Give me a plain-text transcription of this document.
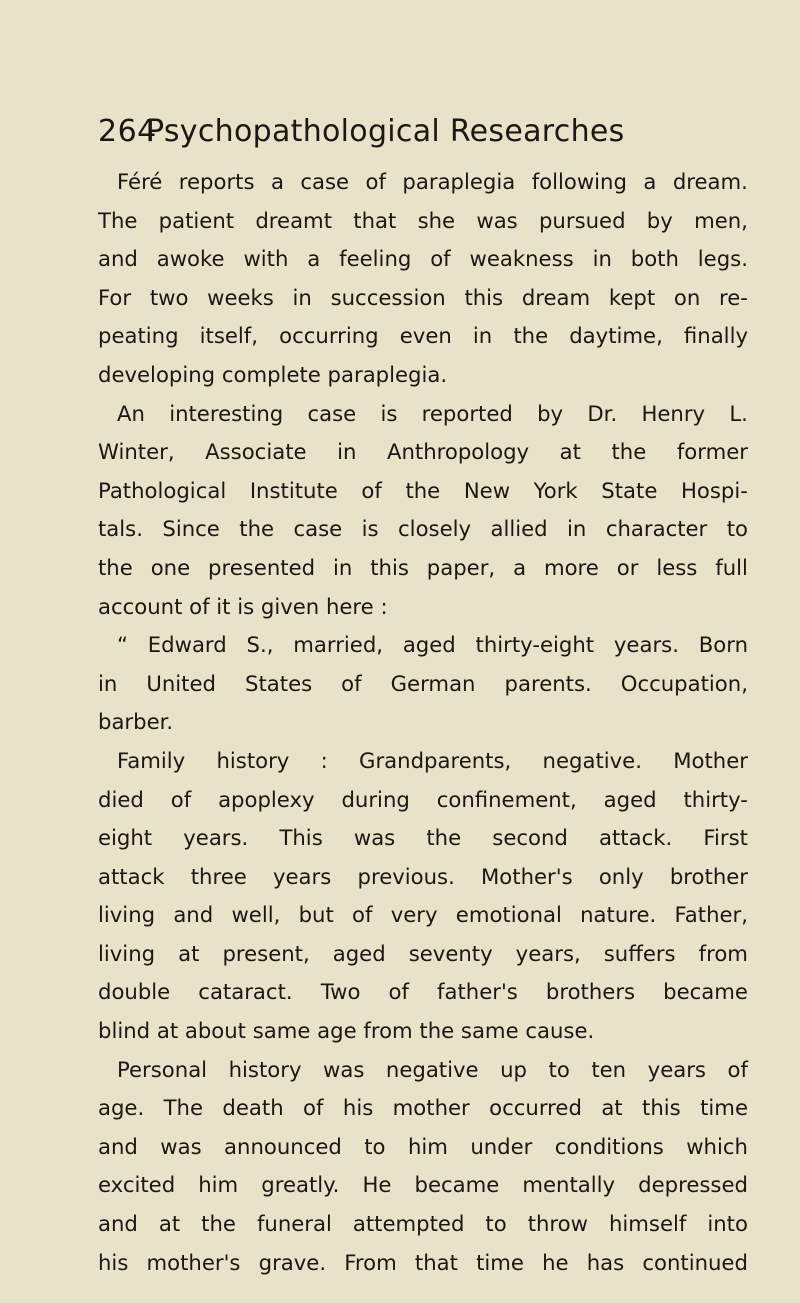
264
Psychopathological Researches
Féré reports a case of paraplegia following a dream.
The patient dreamt that she was pursued by men,
and awoke with a feeling of weakness in both legs.
For two weeks in succession this dream kept on re-
peating itself, occurring even in the daytime, finally
developing complete paraplegia.
An interesting case is reported by Dr. Henry L.
Winter, Associate in Anthropology at the former
Pathological Institute of the New York State Hospi-
tals. Since the case is closely allied in character to
the one presented in this paper, a more or less full
account of it is given here :
“ Edward S., married, aged thirty-eight years. Born
in United States of German parents. Occupation,
barber.
Family history : Grandparents, negative. Mother
died of apoplexy during confinement, aged thirty-
eight years. This was the second attack. First
attack three years previous. Mother's only brother
living and well, but of very emotional nature. Father,
living at present, aged seventy years, suffers from
double cataract. Two of father's brothers became
blind at about same age from the same cause.
Personal history was negative up to ten years of
age. The death of his mother occurred at this time
and was announced to him under conditions which
excited him greatly. He became mentally depressed
and at the funeral attempted to throw himself into
his mother's grave. From that time he has continued
